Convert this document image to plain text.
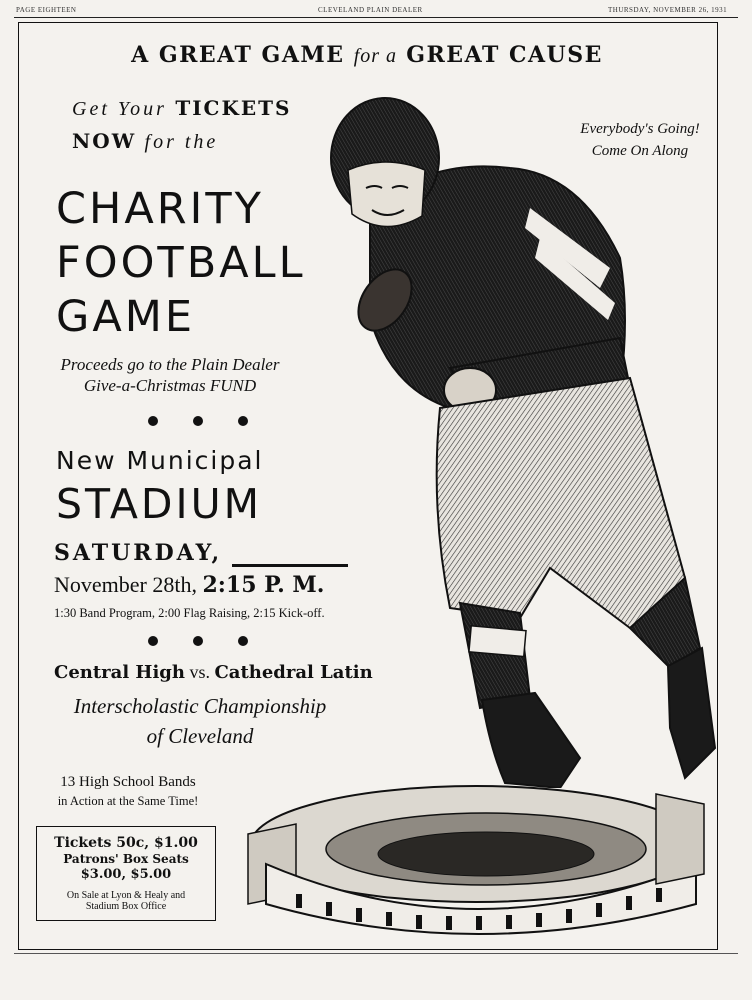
PAGE EIGHTEEN	CLEVELAND PLAIN DEALER	THURSDAY, NOVEMBER 26, 1931
A GREAT GAME for a GREAT CAUSE
Get Your TICKETS
NOW for the
CHARITY
FOOTBALL
GAME
Proceeds go to the Plain Dealer
Give-a-Christmas FUND
New Municipal
STADIUM
SATURDAY,
November 28th, 2:15 P. M.
1:30 Band Program, 2:00 Flag Raising, 2:15 Kick-off.
Central High vs. Cathedral Latin
Interscholastic Championship
of Cleveland
13 High School Bands
in Action at the Same Time!
Tickets 50c, $1.00
Patrons' Box Seats
$3.00, $5.00
On Sale at Lyon & Healy and
Stadium Box Office
Everybody's Going!
Come On Along
